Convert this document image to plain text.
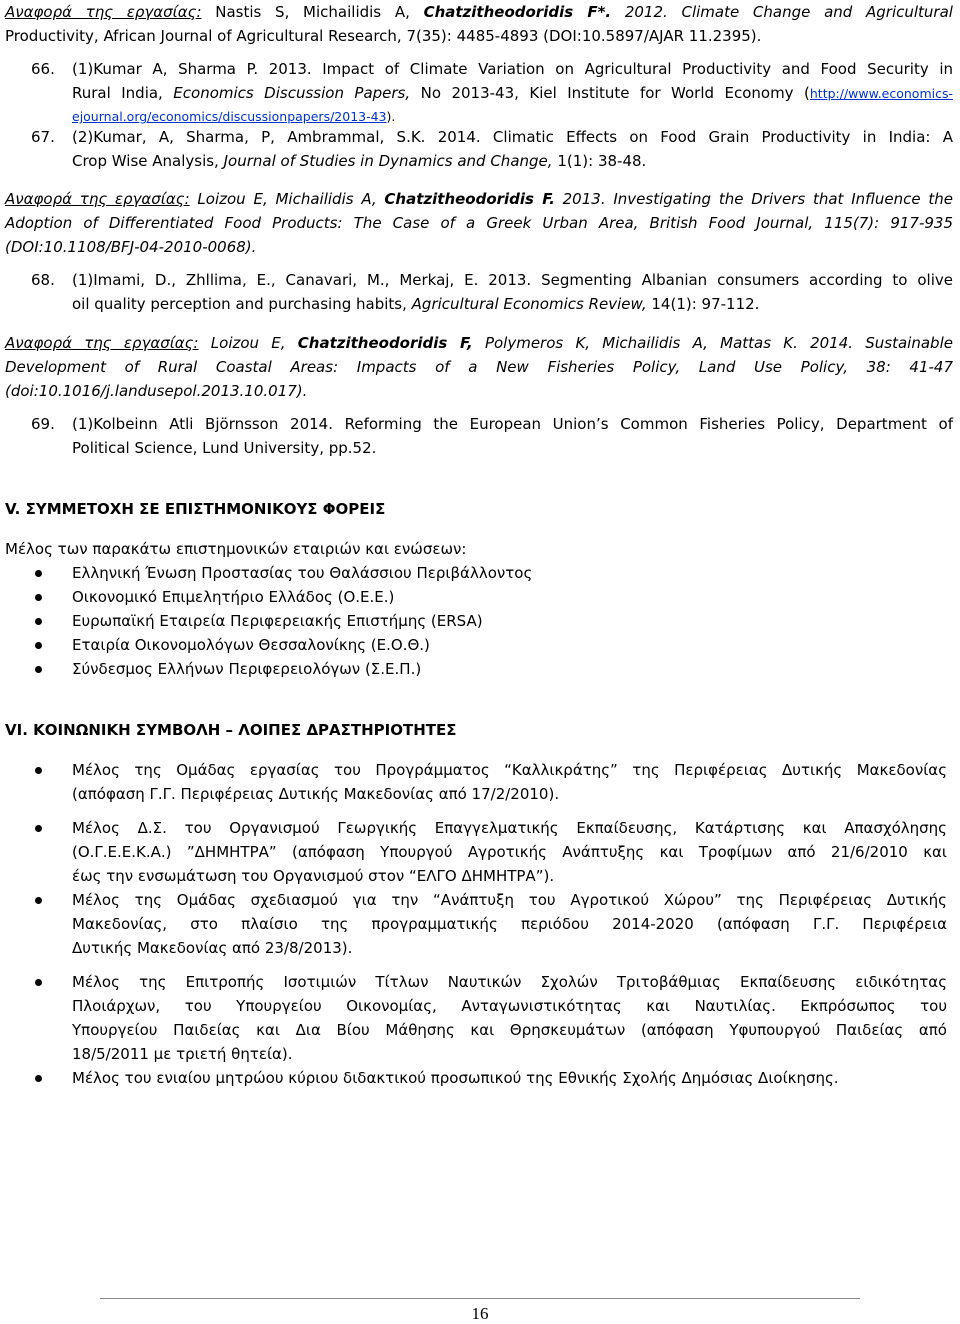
Αναφορά της εργασίας: Nastis S, Michailidis A, Chatzitheodoridis F*. 2012. Climate Change and Agricultural
Productivity, African Journal of Agricultural Research, 7(35): 4485-4893 (DOI:10.5897/AJAR 11.2395).
66. (1)Kumar A, Sharma P. 2013. Impact of Climate Variation on Agricultural Productivity and Food Security in
Rural India, Economics Discussion Papers, No 2013-43, Kiel Institute for World Economy (http://www.economics-
ejournal.org/economics/discussionpapers/2013-43).
67. (2)Kumar, A, Sharma, P, Ambrammal, S.K. 2014. Climatic Effects on Food Grain Productivity in India: A
Crop Wise Analysis, Journal of Studies in Dynamics and Change, 1(1): 38-48.
Αναφορά της εργασίας: Loizou E, Michailidis A, Chatzitheodoridis F. 2013. Investigating the Drivers that Influence the
Adoption of Differentiated Food Products: The Case of a Greek Urban Area, British Food Journal, 115(7): 917-935
(DOI:10.1108/BFJ-04-2010-0068).
68. (1)Imami, D., Zhllima, E., Canavari, M., Merkaj, E. 2013. Segmenting Albanian consumers according to olive
oil quality perception and purchasing habits, Agricultural Economics Review, 14(1): 97-112.
Αναφορά της εργασίας: Loizou E, Chatzitheodoridis F, Polymeros K, Michailidis A, Mattas K. 2014. Sustainable
Development of Rural Coastal Areas: Impacts of a New Fisheries Policy, Land Use Policy, 38: 41-47
(doi:10.1016/j.landusepol.2013.10.017).
69. (1)Kolbeinn Atli Björnsson 2014. Reforming the European Union’s Common Fisheries Policy, Department of
Political Science, Lund University, pp.52.
V. ΣΥΜΜΕΤΟΧΗ ΣΕ ΕΠΙΣΤΗΜΟΝΙΚΟΥΣ ΦΟΡΕΙΣ
Μέλος των παρακάτω επιστημονικών εταιριών και ενώσεων:
Ελληνική Ένωση Προστασίας του Θαλάσσιου Περιβάλλοντος
Οικονομικό Επιμελητήριο Ελλάδος (Ο.Ε.Ε.)
Ευρωπαϊκή Εταιρεία Περιφερειακής Επιστήμης (ERSA)
Εταιρία Οικονομολόγων Θεσσαλονίκης (Ε.Ο.Θ.)
Σύνδεσμος Ελλήνων Περιφερειολόγων (Σ.Ε.Π.)
VI. ΚΟΙΝΩΝΙΚΗ ΣΥΜΒΟΛΗ – ΛΟΙΠΕΣ ΔΡΑΣΤΗΡΙΟΤΗΤΕΣ
Μέλος της Ομάδας εργασίας του Προγράμματος “Καλλικράτης” της Περιφέρειας Δυτικής Μακεδονίας
(απόφαση Γ.Γ. Περιφέρειας Δυτικής Μακεδονίας από 17/2/2010).
Μέλος Δ.Σ. του Οργανισμού Γεωργικής Επαγγελματικής Εκπαίδευσης, Κατάρτισης και Απασχόλησης
(Ο.Γ.Ε.Ε.Κ.Α.) ”ΔΗΜΗΤΡΑ” (απόφαση Υπουργού Αγροτικής Ανάπτυξης και Τροφίμων από 21/6/2010 και
έως την ενσωμάτωση του Οργανισμού στον “ΕΛΓΟ ΔΗΜΗΤΡΑ”).
Μέλος της Ομάδας σχεδιασμού για την “Ανάπτυξη του Αγροτικού Χώρου” της Περιφέρειας Δυτικής
Μακεδονίας, στο πλαίσιο της προγραμματικής περιόδου 2014-2020 (απόφαση Γ.Γ. Περιφέρεια
Δυτικής Μακεδονίας από 23/8/2013).
Μέλος της Επιτροπής Ισοτιμιών Τίτλων Ναυτικών Σχολών Τριτοβάθμιας Εκπαίδευσης ειδικότητας
Πλοιάρχων, του Υπουργείου Οικονομίας, Ανταγωνιστικότητας και Ναυτιλίας. Εκπρόσωπος του
Υπουργείου Παιδείας και Δια Βίου Μάθησης και Θρησκευμάτων (απόφαση Υφυπουργού Παιδείας από
18/5/2011 με τριετή θητεία).
Μέλος του ενιαίου μητρώου κύριου διδακτικού προσωπικού της Εθνικής Σχολής Δημόσιας Διοίκησης.
16
